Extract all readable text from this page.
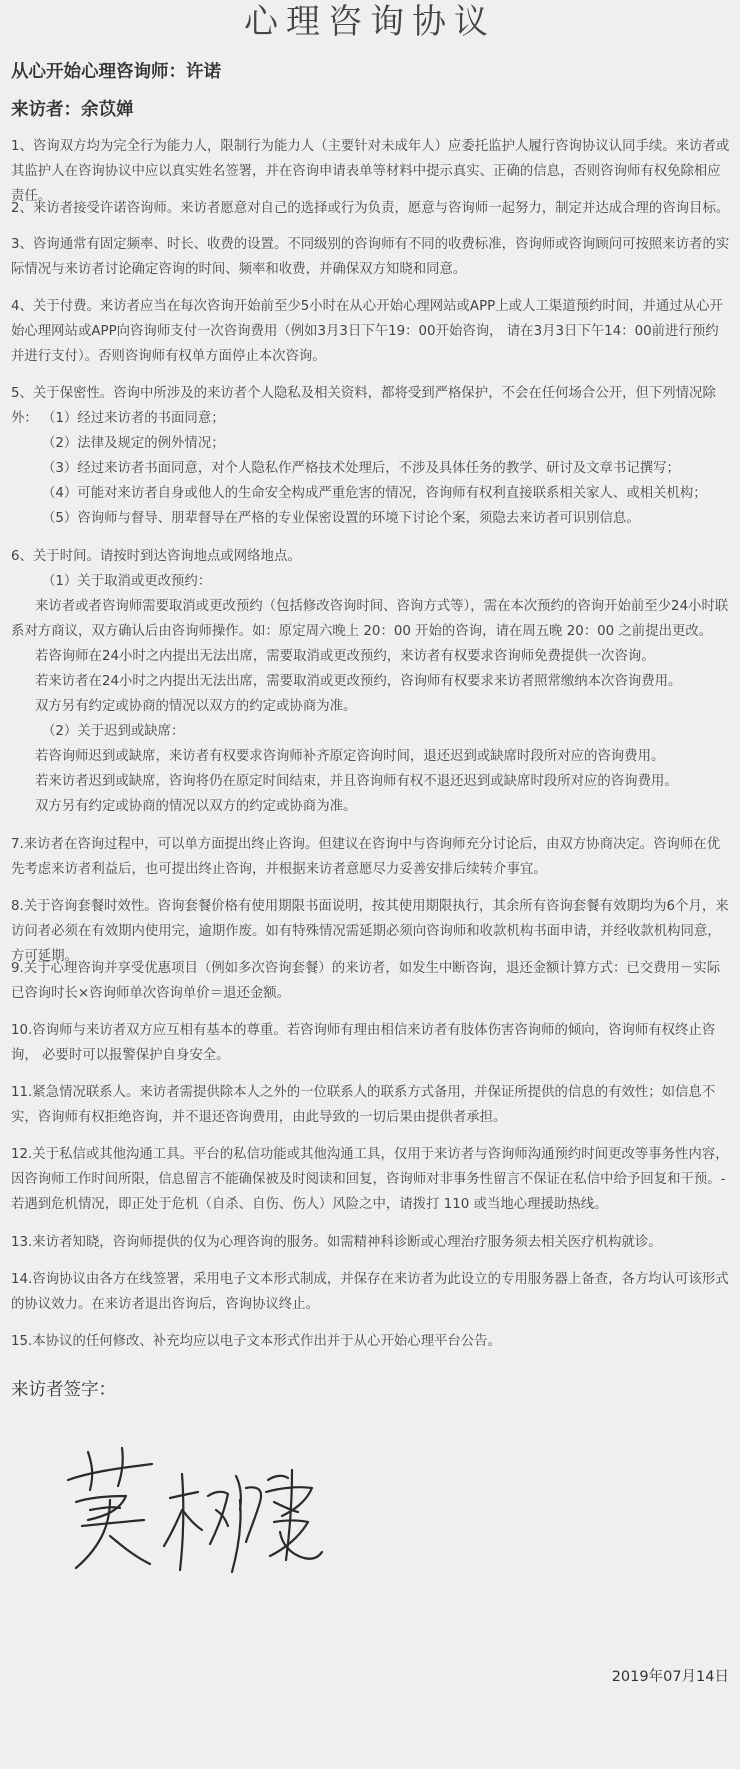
心理咨询协议

从心开始心理咨询师：许诺

来访者：余苡婵

1、咨询双方均为完全行为能力人，限制行为能力人（主要针对未成年人）应委托监护人履行咨询协议认同手续。来访者或其监护人在咨询协议中应以真实姓名签署，并在咨询申请表单等材料中提示真实、正确的信息，否则咨询师有权免除相应责任。

2、来访者接受许诺咨询师。来访者愿意对自己的选择或行为负责，愿意与咨询师一起努力，制定并达成合理的咨询目标。

3、咨询通常有固定频率、时长、收费的设置。不同级别的咨询师有不同的收费标准，咨询师或咨询顾问可按照来访者的实际情况与来访者讨论确定咨询的时间、频率和收费，并确保双方知晓和同意。

4、关于付费。来访者应当在每次咨询开始前至少5小时在从心开始心理网站或APP上或人工渠道预约时间，并通过从心开始心理网站或APP向咨询师支付一次咨询费用（例如3月3日下午19：00开始咨询， 请在3月3日下午14：00前进行预约并进行支付）。否则咨询师有权单方面停止本次咨询。

5、关于保密性。咨询中所涉及的来访者个人隐私及相关资料，都将受到严格保护，不会在任何场合公开，但下列情况除外： （1）经过来访者的书面同意；

（2）法律及规定的例外情况；

（3）经过来访者书面同意，对个人隐私作严格技术处理后，不涉及具体任务的教学、研讨及文章书记撰写；

（4）可能对来访者自身或他人的生命安全构成严重危害的情况，咨询师有权利直接联系相关家人、或相关机构；

（5）咨询师与督导、朋辈督导在严格的专业保密设置的环境下讨论个案，须隐去来访者可识别信息。

6、关于时间。请按时到达咨询地点或网络地点。

（1）关于取消或更改预约：

来访者或者咨询师需要取消或更改预约（包括修改咨询时间、咨询方式等），需在本次预约的咨询开始前至少24小时联系对方商议，双方确认后由咨询师操作。如：原定周六晚上 20：00 开始的咨询，请在周五晚 20：00 之前提出更改。

若咨询师在24小时之内提出无法出席，需要取消或更改预约，来访者有权要求咨询师免费提供一次咨询。

若来访者在24小时之内提出无法出席，需要取消或更改预约，咨询师有权要求来访者照常缴纳本次咨询费用。

双方另有约定或协商的情况以双方的约定或协商为准。

（2）关于迟到或缺席：

若咨询师迟到或缺席，来访者有权要求咨询师补齐原定咨询时间，退还迟到或缺席时段所对应的咨询费用。

若来访者迟到或缺席，咨询将仍在原定时间结束，并且咨询师有权不退还迟到或缺席时段所对应的咨询费用。

双方另有约定或协商的情况以双方的约定或协商为准。

7.来访者在咨询过程中，可以单方面提出终止咨询。但建议在咨询中与咨询师充分讨论后，由双方协商决定。咨询师在优先考虑来访者利益后，也可提出终止咨询，并根据来访者意愿尽力妥善安排后续转介事宜。

8.关于咨询套餐时效性。咨询套餐价格有使用期限书面说明，按其使用期限执行，其余所有咨询套餐有效期均为6个月，来访问者必须在有效期内使用完，逾期作废。如有特殊情况需延期必须向咨询师和收款机构书面申请，并经收款机构同意，方可延期。

9.关于心理咨询并享受优惠项目（例如多次咨询套餐）的来访者，如发生中断咨询，退还金额计算方式：已交费用－实际已咨询时长×咨询师单次咨询单价＝退还金额。

10.咨询师与来访者双方应互相有基本的尊重。若咨询师有理由相信来访者有肢体伤害咨询师的倾向，咨询师有权终止咨询， 必要时可以报警保护自身安全。

11.紧急情况联系人。来访者需提供除本人之外的一位联系人的联系方式备用，并保证所提供的信息的有效性；如信息不实，咨询师有权拒绝咨询，并不退还咨询费用，由此导致的一切后果由提供者承担。

12.关于私信或其他沟通工具。平台的私信功能或其他沟通工具，仅用于来访者与咨询师沟通预约时间更改等事务性内容，因咨询师工作时间所限，信息留言不能确保被及时阅读和回复，咨询师对非事务性留言不保证在私信中给予回复和干预。- 若遇到危机情况，即正处于危机（自杀、自伤、伤人）风险之中，请拨打 110 或当地心理援助热线。

13.来访者知晓，咨询师提供的仅为心理咨询的服务。如需精神科诊断或心理治疗服务须去相关医疗机构就诊。

14.咨询协议由各方在线签署，采用电子文本形式制成，并保存在来访者为此设立的专用服务器上备查，各方均认可该形式的协议效力。在来访者退出咨询后，咨询协议终止。

15.本协议的任何修改、补充均应以电子文本形式作出并于从心开始心理平台公告。

来访者签字：

2019年07月14日
